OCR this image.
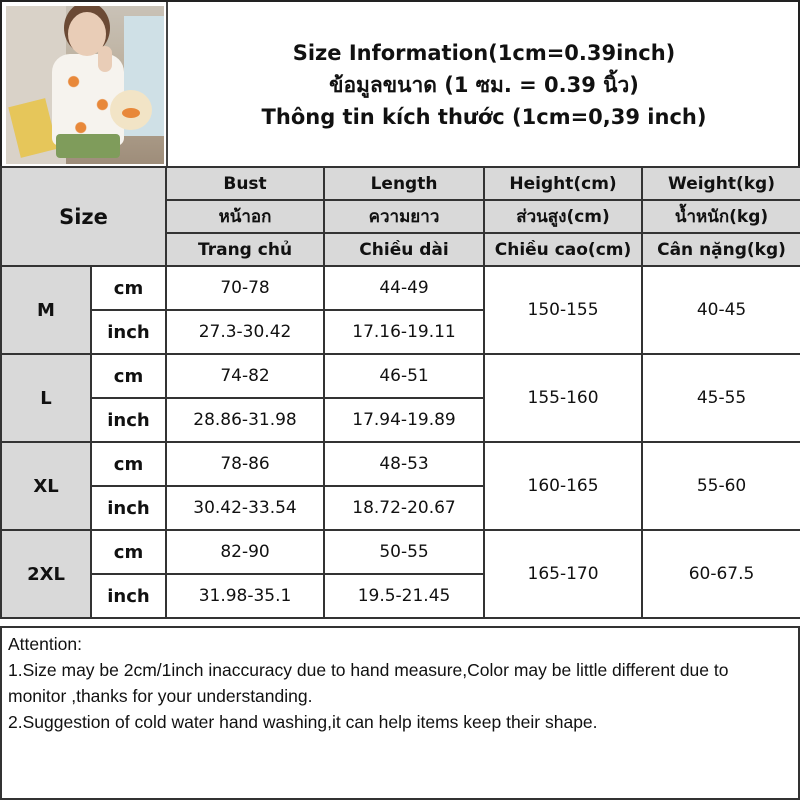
Size Information(1cm=0.39inch)
ข้อมูลขนาด (1 ซม. = 0.39 นิ้ว)
Thông tin kích thước (1cm=0,39 inch)
Size		Bust	Length	Height(cm)	Weight(kg)
		หน้าอก	ความยาว	ส่วนสูง(cm)	น้ำหนัก(kg)
		Trang chủ	Chiều dài	Chiều cao(cm)	Cân nặng(kg)
M	cm	70-78	44-49	150-155	40-45
	inch	27.3-30.42	17.16-19.11		
L	cm	74-82	46-51	155-160	45-55
	inch	28.86-31.98	17.94-19.89		
XL	cm	78-86	48-53	160-165	55-60
	inch	30.42-33.54	18.72-20.67		
2XL	cm	82-90	50-55	165-170	60-67.5
	inch	31.98-35.1	19.5-21.45		
Attention:
1.Size may be 2cm/1inch inaccuracy due to hand measure,Color may be little different due to
monitor ,thanks for your understanding.
2.Suggestion of cold water hand washing,it can help items keep their shape.
